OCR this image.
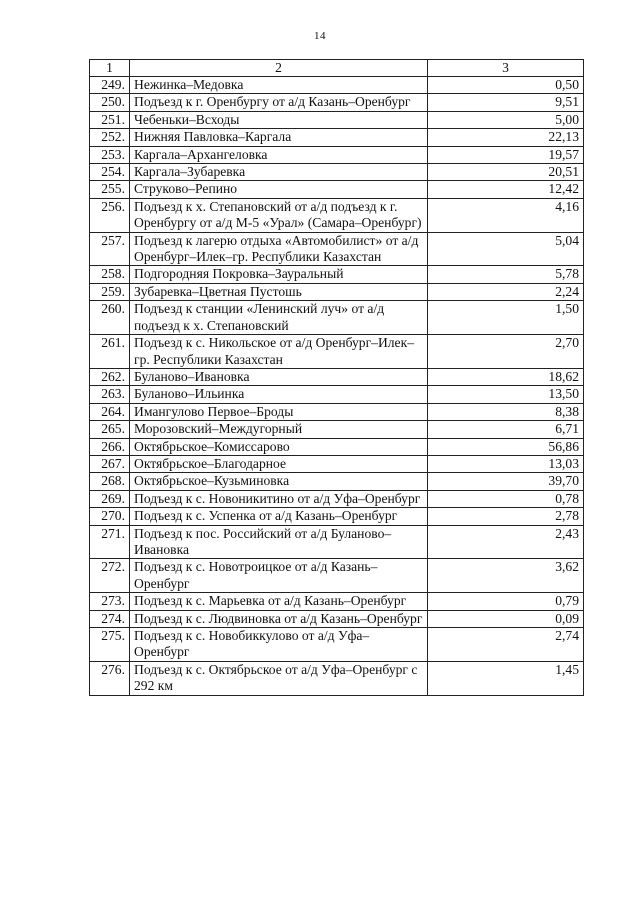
14
1	2	3
249.	Нежинка–Медовка	0,50
250.	Подъезд к г. Оренбургу от а/д Казань–Оренбург	9,51
251.	Чебеньки–Всходы	5,00
252.	Нижняя Павловка–Каргала	22,13
253.	Каргала–Архангеловка	19,57
254.	Каргала–Зубаревка	20,51
255.	Струково–Репино	12,42
256.	Подъезд к х. Степановский от а/д подъезд к г. Оренбургу от а/д М-5 «Урал» (Самара–Оренбург)	4,16
257.	Подъезд к лагерю отдыха «Автомобилист» от а/д Оренбург–Илек–гр. Республики Казахстан	5,04
258.	Подгородняя Покровка–Зауральный	5,78
259.	Зубаревка–Цветная Пустошь	2,24
260.	Подъезд к станции «Ленинский луч» от а/д подъезд к х. Степановский	1,50
261.	Подъезд к с. Никольское от а/д Оренбург–Илек–гр. Республики Казахстан	2,70
262.	Буланово–Ивановка	18,62
263.	Буланово–Ильинка	13,50
264.	Имангулово Первое–Броды	8,38
265.	Морозовский–Междугорный	6,71
266.	Октябрьское–Комиссарово	56,86
267.	Октябрьское–Благодарное	13,03
268.	Октябрьское–Кузьминовка	39,70
269.	Подъезд к с. Новоникитино от а/д Уфа–Оренбург	0,78
270.	Подъезд к с. Успенка от а/д Казань–Оренбург	2,78
271.	Подъезд к пос. Российский от а/д Буланово–Ивановка	2,43
272.	Подъезд к с. Новотроицкое от а/д Казань–Оренбург	3,62
273.	Подъезд к с. Марьевка от а/д Казань–Оренбург	0,79
274.	Подъезд к с. Людвиновка от а/д Казань–Оренбург	0,09
275.	Подъезд к с. Новобиккулово от а/д Уфа–Оренбург	2,74
276.	Подъезд к с. Октябрьское от а/д Уфа–Оренбург с 292 км	1,45
